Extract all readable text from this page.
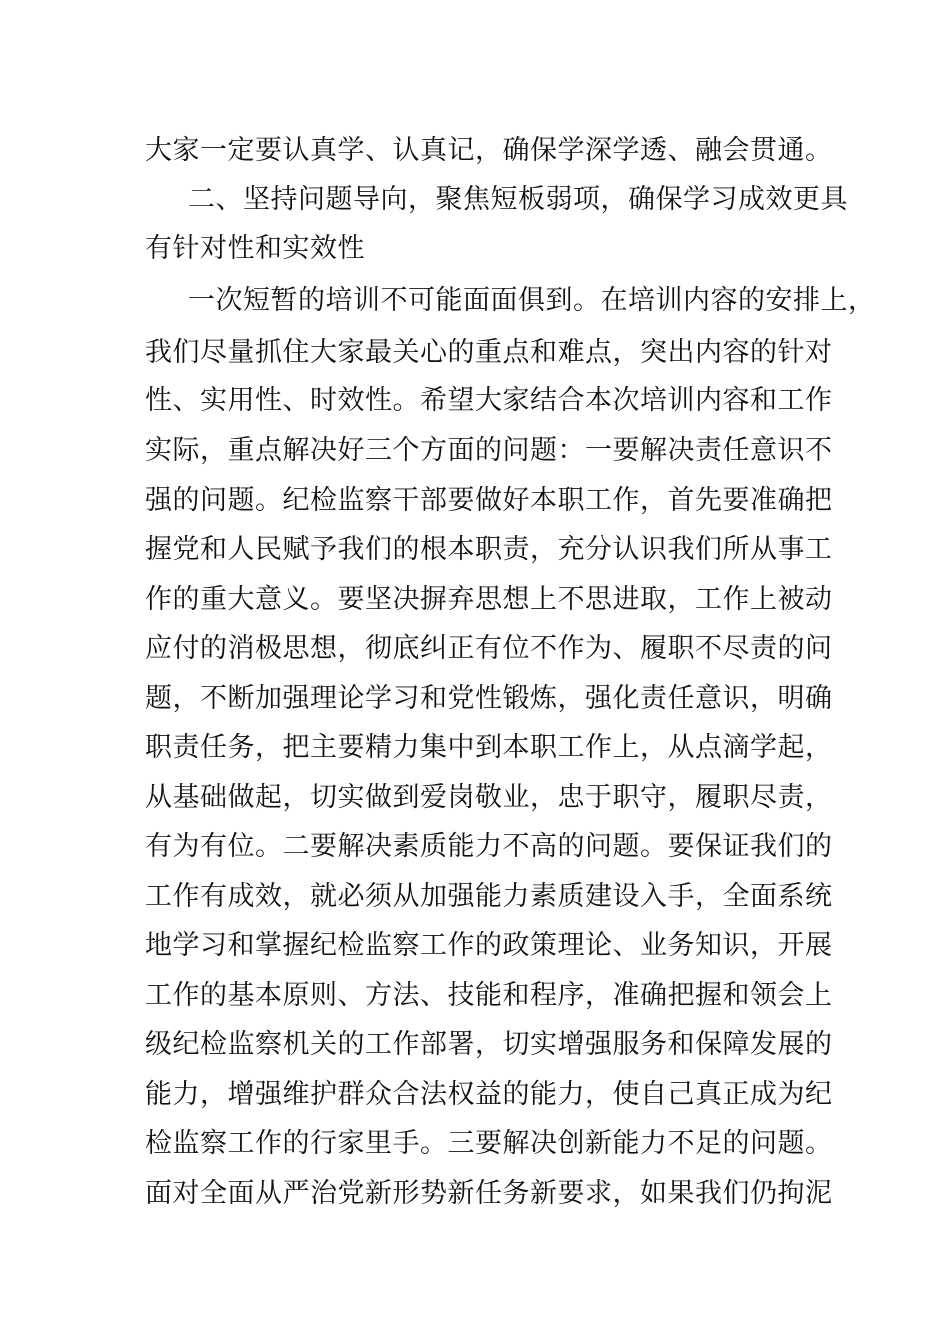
大家一定要认真学、认真记，确保学深学透、融会贯通。
二、坚持问题导向，聚焦短板弱项，确保学习成效更具
有针对性和实效性
一次短暂的培训不可能面面俱到。在培训内容的安排上，
我们尽量抓住大家最关心的重点和难点，突出内容的针对
性、实用性、时效性。希望大家结合本次培训内容和工作
实际，重点解决好三个方面的问题：一要解决责任意识不
强的问题。纪检监察干部要做好本职工作，首先要准确把
握党和人民赋予我们的根本职责，充分认识我们所从事工
作的重大意义。要坚决摒弃思想上不思进取，工作上被动
应付的消极思想，彻底纠正有位不作为、履职不尽责的问
题，不断加强理论学习和党性锻炼，强化责任意识，明确
职责任务，把主要精力集中到本职工作上，从点滴学起，
从基础做起，切实做到爱岗敬业，忠于职守，履职尽责，
有为有位。二要解决素质能力不高的问题。要保证我们的
工作有成效，就必须从加强能力素质建设入手，全面系统
地学习和掌握纪检监察工作的政策理论、业务知识，开展
工作的基本原则、方法、技能和程序，准确把握和领会上
级纪检监察机关的工作部署，切实增强服务和保障发展的
能力，增强维护群众合法权益的能力，使自己真正成为纪
检监察工作的行家里手。三要解决创新能力不足的问题。
面对全面从严治党新形势新任务新要求，如果我们仍拘泥
